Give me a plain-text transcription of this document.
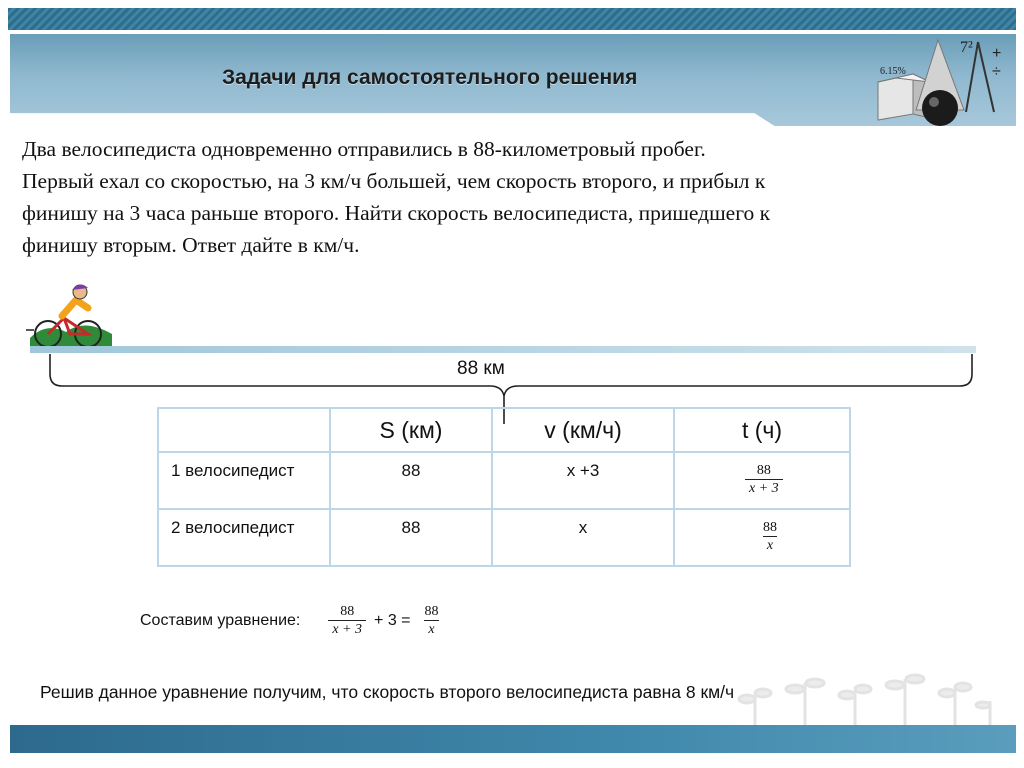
Задачи для самостоятельного решения	6.15%
7² +
÷
Два велосипедиста одновременно отправились в 88-километровый пробег.
Первый ехал со скоростью, на 3 км/ч большей, чем скорость второго, и прибыл к
финишу на 3 часа раньше второго. Найти скорость велосипедиста, пришедшего к
финишу вторым. Ответ дайте в км/ч.
88 км
	S (км)	v (км/ч)	t (ч)

1 велосипедист	88	x +3	$\frac{88}{x + 3}$

2 велосипедист	88	x	$\frac{88}{x}$
Составим уравнение: $\frac{88}{x + 3} + 3 = \frac{88}{x}$
Решив данное уравнение получим, что скорость второго велосипедиста равна 8 км/ч
